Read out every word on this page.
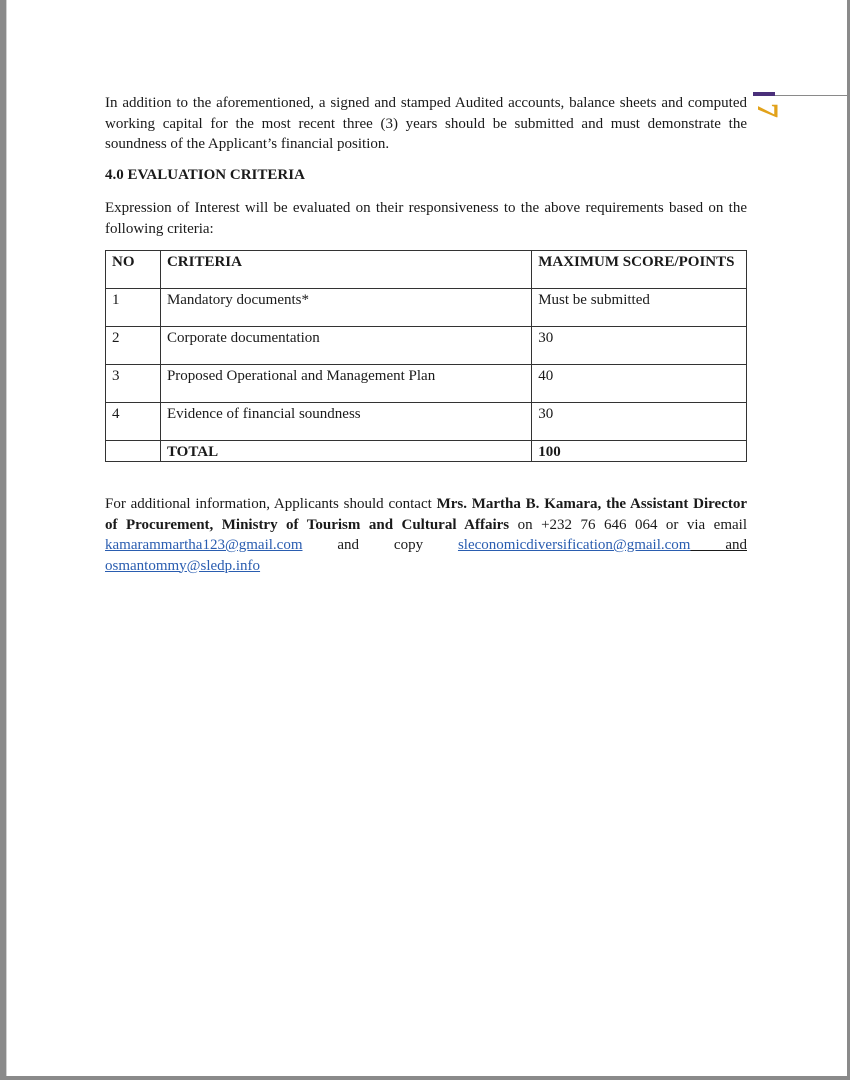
7

In addition to the aforementioned, a signed and stamped Audited accounts, balance sheets and computed working capital for the most recent three (3) years should be submitted and must demonstrate the soundness of the Applicant’s financial position.

4.0 EVALUATION CRITERIA

Expression of Interest will be evaluated on their responsiveness to the above requirements based on the following criteria:

NO	CRITERIA	MAXIMUM SCORE/POINTS
1	Mandatory documents*	Must be submitted
2	Corporate documentation	30
3	Proposed Operational and Management Plan	40
4	Evidence of financial soundness	30
	TOTAL	100

For additional information, Applicants should contact Mrs. Martha B. Kamara, the Assistant Director of Procurement, Ministry of Tourism and Cultural Affairs on +232 76 646 064 or via email kamarammartha123@gmail.com and copy sleconomicdiversification@gmail.com and osmantommy@sledp.info
